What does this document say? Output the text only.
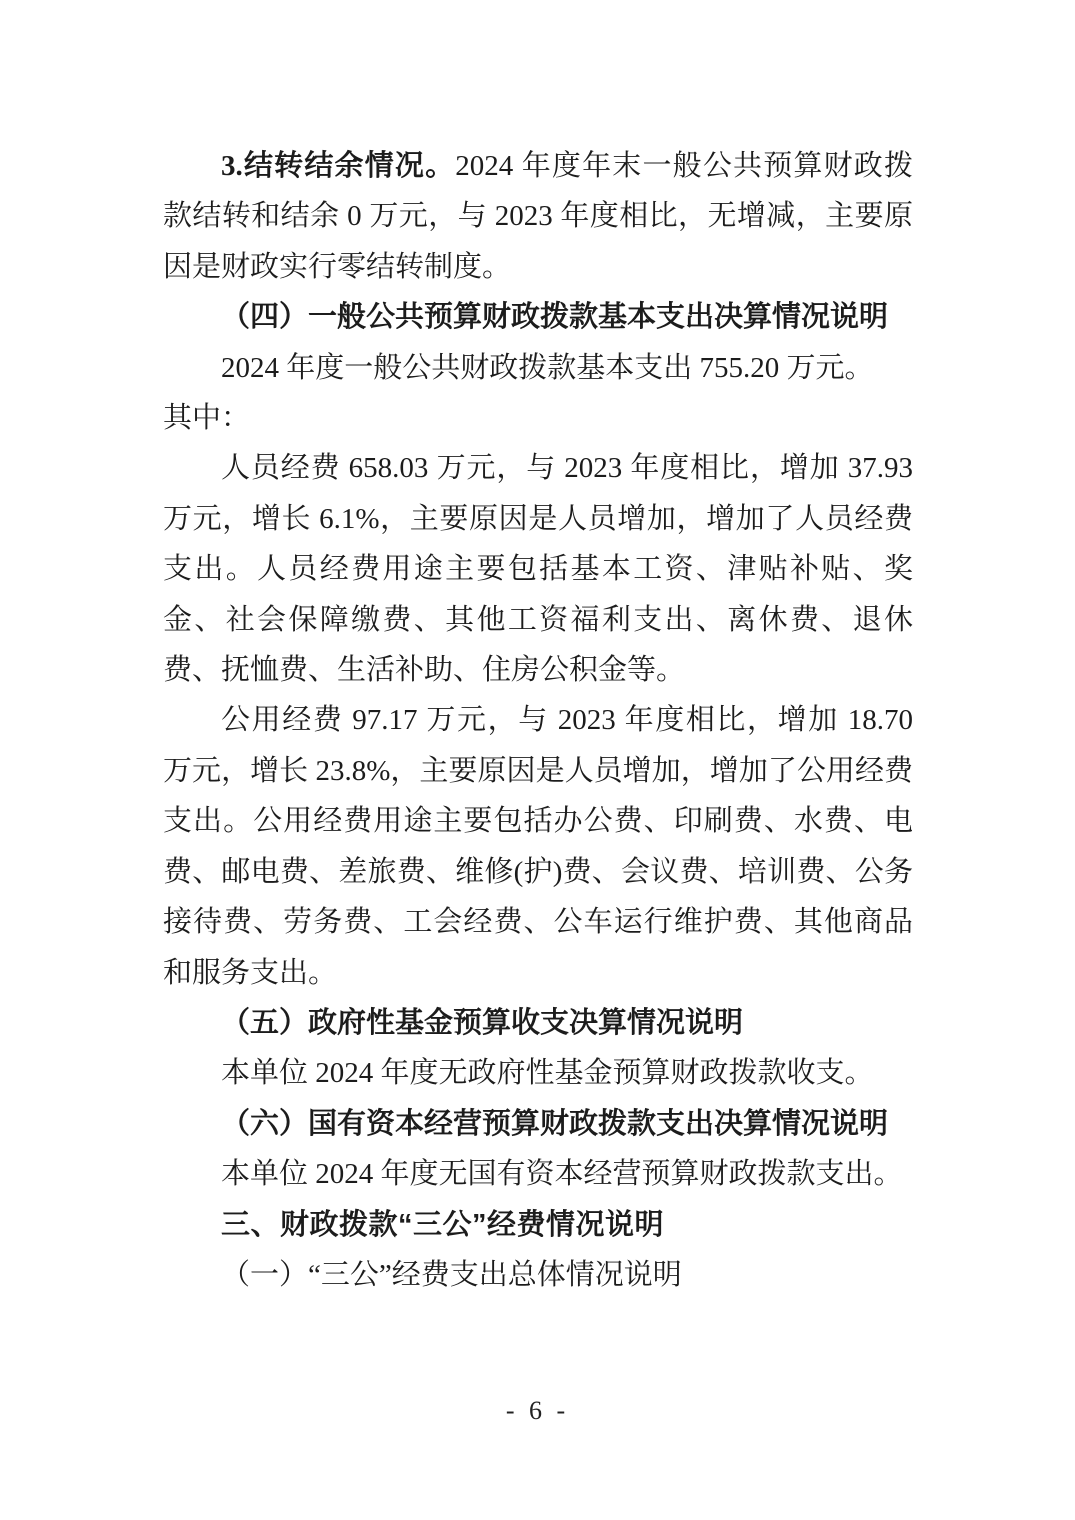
3.结转结余情况。2024 年度年末一般公共预算财政拨款结转和结余 0 万元，与 2023 年度相比，无增减，主要原因是财政实行零结转制度。

（四）一般公共预算财政拨款基本支出决算情况说明

2024 年度一般公共财政拨款基本支出 755.20 万元。

其中：

人员经费 658.03 万元，与 2023 年度相比，增加 37.93 万元，增长 6.1%，主要原因是人员增加，增加了人员经费支出。人员经费用途主要包括基本工资、津贴补贴、奖金、社会保障缴费、其他工资福利支出、离休费、退休费、抚恤费、生活补助、住房公积金等。

公用经费 97.17 万元，与 2023 年度相比，增加 18.70 万元，增长 23.8%，主要原因是人员增加，增加了公用经费支出。公用经费用途主要包括办公费、印刷费、水费、电费、邮电费、差旅费、维修(护)费、会议费、培训费、公务接待费、劳务费、工会经费、公车运行维护费、其他商品和服务支出。

（五）政府性基金预算收支决算情况说明

本单位 2024 年度无政府性基金预算财政拨款收支。

（六）国有资本经营预算财政拨款支出决算情况说明

本单位 2024 年度无国有资本经营预算财政拨款支出。

三、财政拨款“三公”经费情况说明

（一）“三公”经费支出总体情况说明

- 6 -
